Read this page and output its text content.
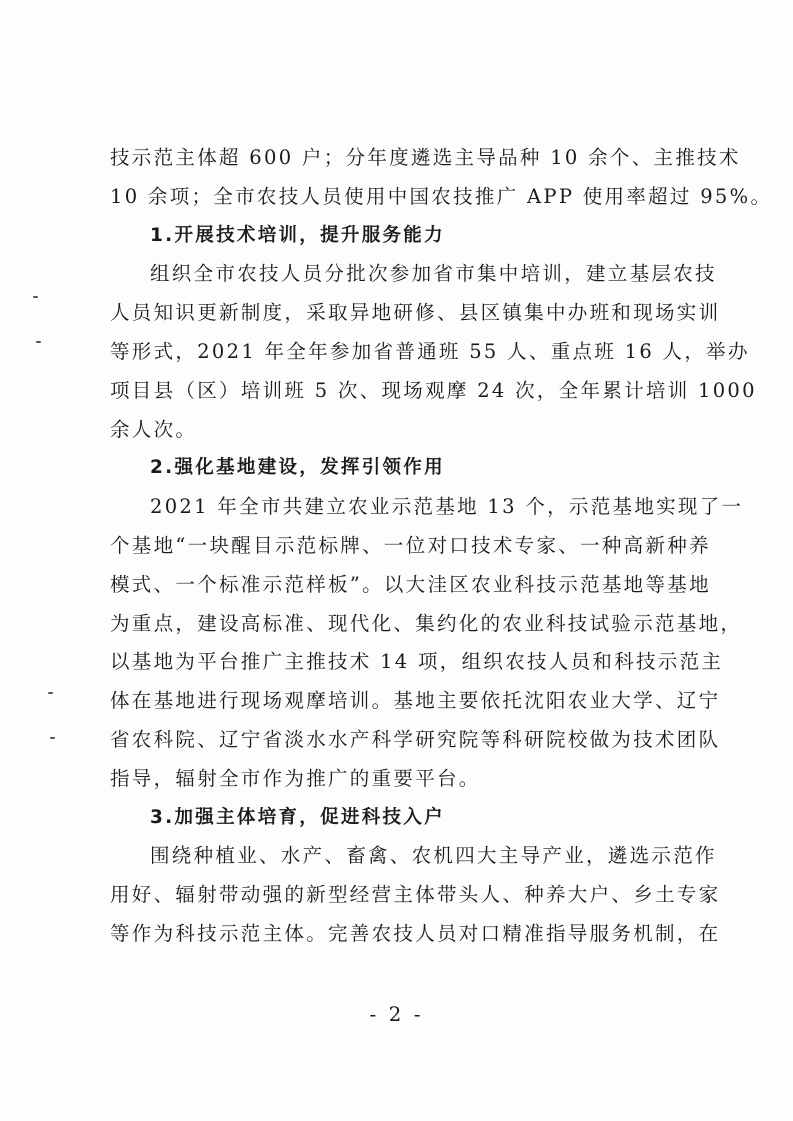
技示范主体超 600 户；分年度遴选主导品种 10 余个、主推技术
10 余项；全市农技人员使用中国农技推广 APP 使用率超过 95%。
1.开展技术培训，提升服务能力
组织全市农技人员分批次参加省市集中培训，建立基层农技
人员知识更新制度，采取异地研修、县区镇集中办班和现场实训
等形式，2021 年全年参加省普通班 55 人、重点班 16 人，举办
项目县（区）培训班 5 次、现场观摩 24 次，全年累计培训 1000
余人次。
2.强化基地建设，发挥引领作用
2021 年全市共建立农业示范基地 13 个，示范基地实现了一
个基地“一块醒目示范标牌、一位对口技术专家、一种高新种养
模式、一个标准示范样板”。以大洼区农业科技示范基地等基地
为重点，建设高标准、现代化、集约化的农业科技试验示范基地，
以基地为平台推广主推技术 14 项，组织农技人员和科技示范主
体在基地进行现场观摩培训。基地主要依托沈阳农业大学、辽宁
省农科院、辽宁省淡水水产科学研究院等科研院校做为技术团队
指导，辐射全市作为推广的重要平台。
3.加强主体培育，促进科技入户
围绕种植业、水产、畜禽、农机四大主导产业，遴选示范作
用好、辐射带动强的新型经营主体带头人、种养大户、乡土专家
等作为科技示范主体。完善农技人员对口精准指导服务机制，在
- 2 -
